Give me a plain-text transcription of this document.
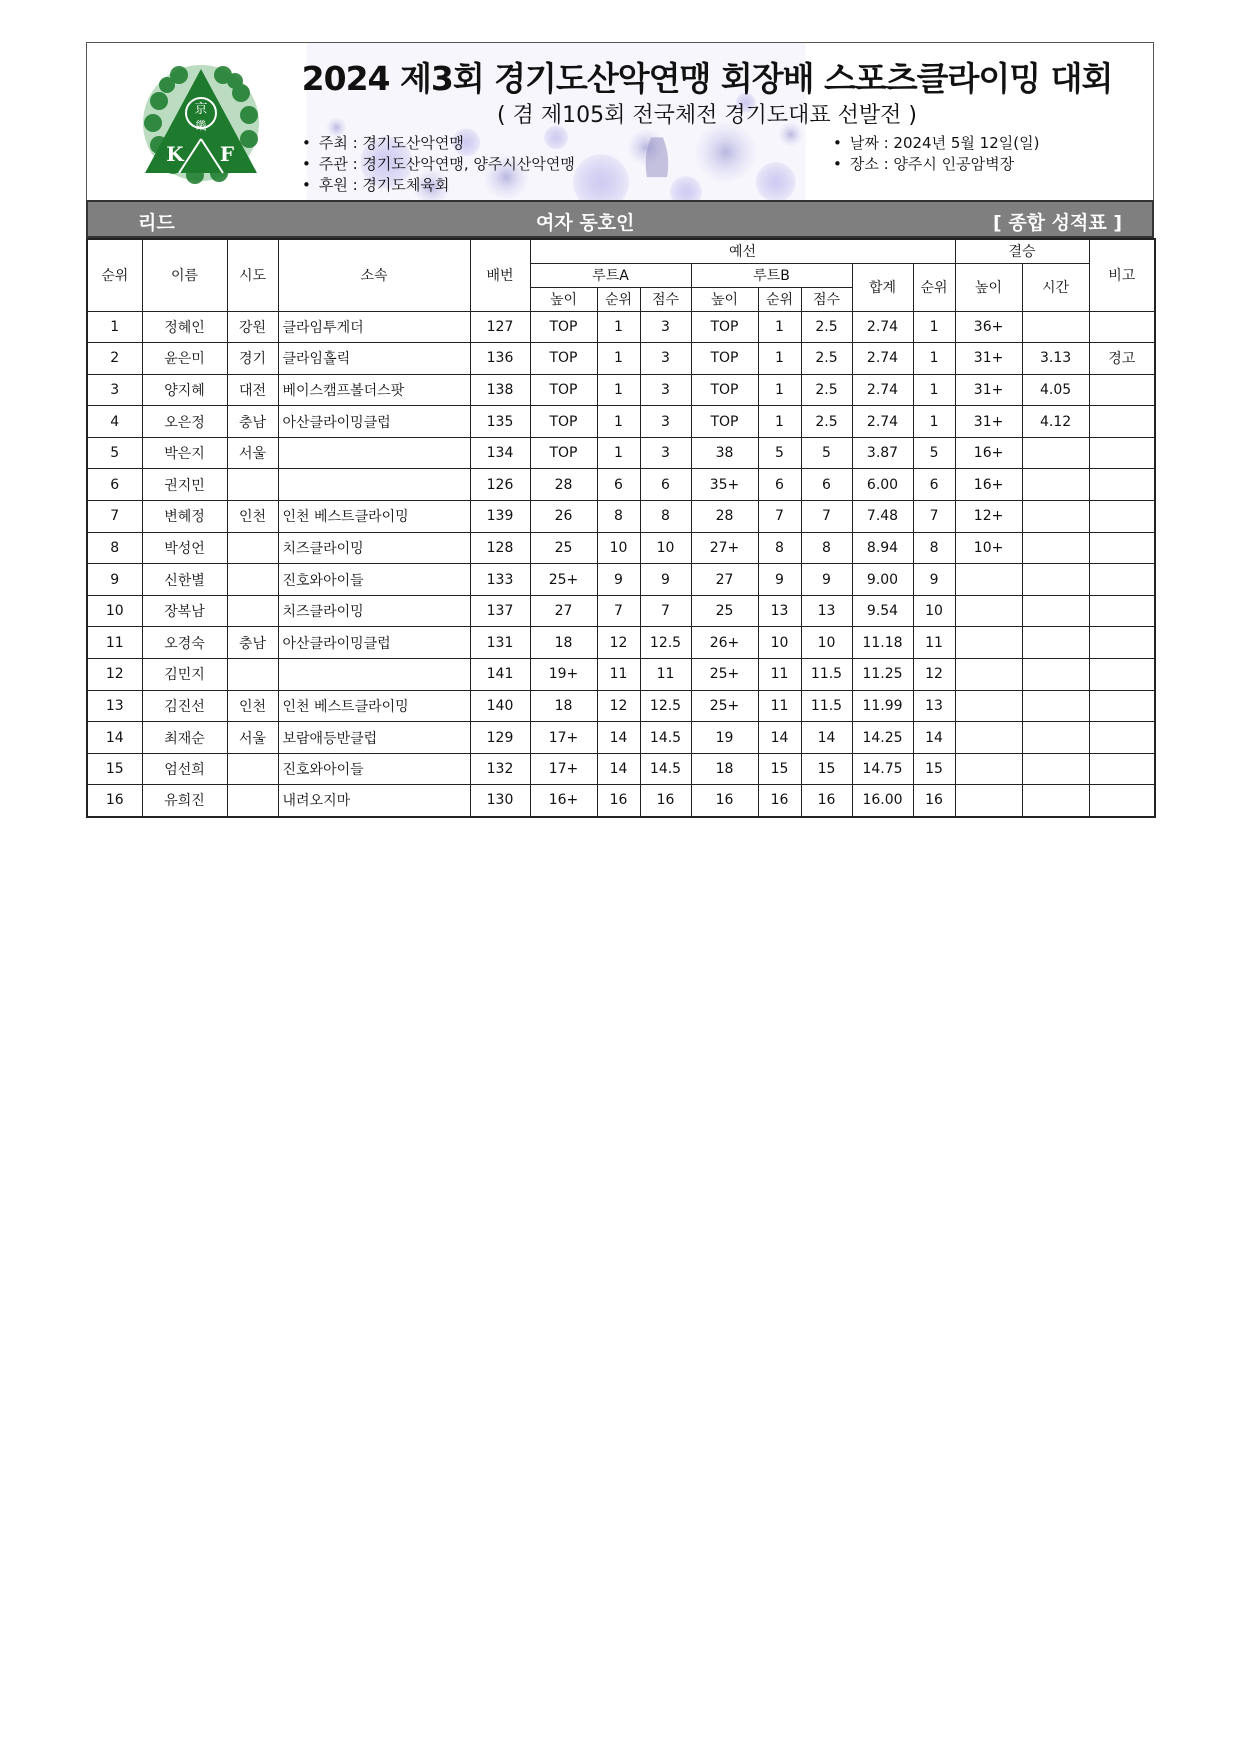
京
畿
K F
2024 제3회 경기도산악연맹 회장배 스포츠클라이밍 대회
( 겸 제105회 전국체전 경기도대표 선발전 )
• 주최 : 경기도산악연맹
• 주관 : 경기도산악연맹, 양주시산악연맹
• 후원 : 경기도체육회
• 날짜 : 2024년 5월 12일(일)
• 장소 : 양주시 인공암벽장
리드	여자 동호인	[ 종합 성적표 ]
순위	이름	시도	소속	배번	예선								결승		비고
					루트A			루트B			합계	순위	높이	시간	
					높이	순위	점수	높이	순위	점수					
1	정혜인	강원	클라임투게더	127	TOP	1	3	TOP	1	2.5	2.74	1	36+		
2	윤은미	경기	클라임홀릭	136	TOP	1	3	TOP	1	2.5	2.74	1	31+	3.13	경고
3	양지혜	대전	베이스캠프볼더스팟	138	TOP	1	3	TOP	1	2.5	2.74	1	31+	4.05	
4	오은정	충남	아산클라이밍클럽	135	TOP	1	3	TOP	1	2.5	2.74	1	31+	4.12	
5	박은지	서울		134	TOP	1	3	38	5	5	3.87	5	16+		
6	권지민			126	28	6	6	35+	6	6	6.00	6	16+		
7	변혜정	인천	인천 베스트클라이밍	139	26	8	8	28	7	7	7.48	7	12+		
8	박성언		치즈클라이밍	128	25	10	10	27+	8	8	8.94	8	10+		
9	신한별		진호와아이들	133	25+	9	9	27	9	9	9.00	9			
10	장복남		치즈클라이밍	137	27	7	7	25	13	13	9.54	10			
11	오경숙	충남	아산클라이밍클럽	131	18	12	12.5	26+	10	10	11.18	11			
12	김민지			141	19+	11	11	25+	11	11.5	11.25	12			
13	김진선	인천	인천 베스트클라이밍	140	18	12	12.5	25+	11	11.5	11.99	13			
14	최재순	서울	보람애등반클럽	129	17+	14	14.5	19	14	14	14.25	14			
15	엄선희		진호와아이들	132	17+	14	14.5	18	15	15	14.75	15			
16	유희진		내려오지마	130	16+	16	16	16	16	16	16.00	16			
